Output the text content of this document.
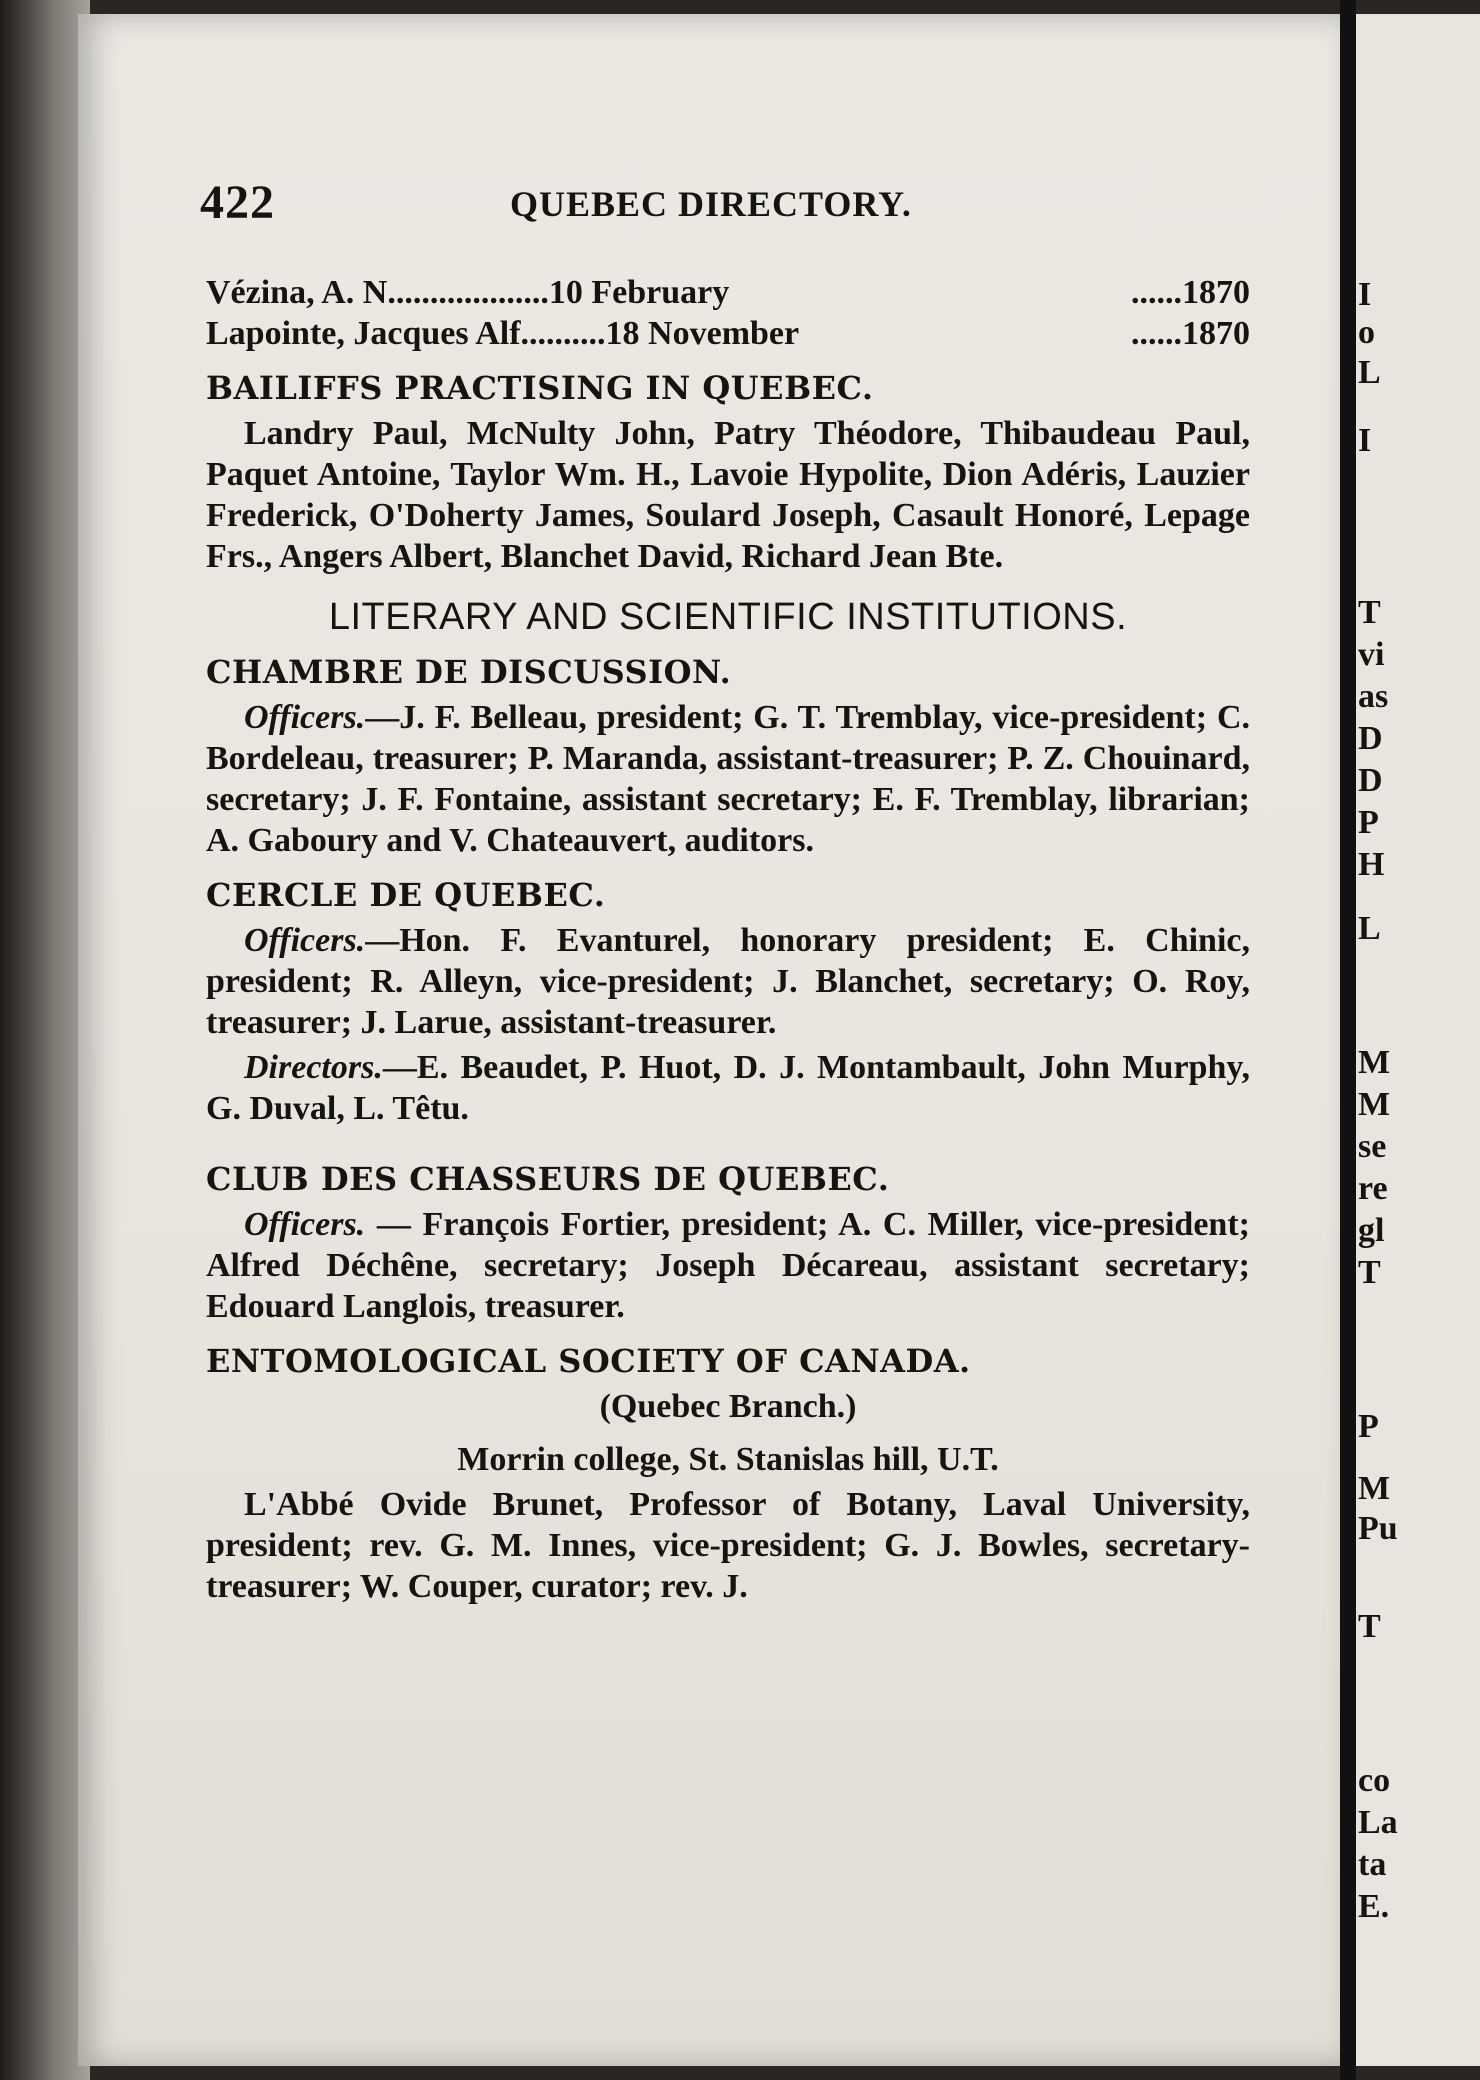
422	QUEBEC DIRECTORY.
Vézina, A. N...................10 February	......1870
Lapointe, Jacques Alf..........18 November	......1870
BAILIFFS PRACTISING IN QUEBEC.
Landry Paul, McNulty John, Patry Théodore, Thibaudeau Paul, Paquet Antoine, Taylor Wm. H., Lavoie Hypolite, Dion Adéris, Lauzier Frederick, O'Doherty James, Soulard Joseph, Casault Honoré, Lepage Frs., Angers Albert, Blanchet David, Richard Jean Bte.
LITERARY AND SCIENTIFIC INSTITUTIONS.
CHAMBRE DE DISCUSSION.
Officers.—J. F. Belleau, president; G. T. Tremblay, vice-president; C. Bordeleau, treasurer; P. Maranda, assistant-treasurer; P. Z. Chouinard, secretary; J. F. Fontaine, assistant secretary; E. F. Tremblay, librarian; A. Gaboury and V. Chateauvert, auditors.
CERCLE DE QUEBEC.
Officers.—Hon. F. Evanturel, honorary president; E. Chinic, president; R. Alleyn, vice-president; J. Blanchet, secretary; O. Roy, treasurer; J. Larue, assistant-treasurer.
Directors.—E. Beaudet, P. Huot, D. J. Montambault, John Murphy, G. Duval, L. Têtu.
CLUB DES CHASSEURS DE QUEBEC.
Officers. — François Fortier, president; A. C. Miller, vice-president; Alfred Déchêne, secretary; Joseph Décareau, assistant secretary; Edouard Langlois, treasurer.
ENTOMOLOGICAL SOCIETY OF CANADA.
(Quebec Branch.)
Morrin college, St. Stanislas hill, U.T.
L'Abbé Ovide Brunet, Professor of Botany, Laval University, president; rev. G. M. Innes, vice-president; G. J. Bowles, secretary-treasurer; W. Couper, curator; rev. J.
I
o
L
I
T
vi
as
D
D
P
H
L
M
M
se
re
gl
T
P
M
Pu
T
co
La
ta
E.
